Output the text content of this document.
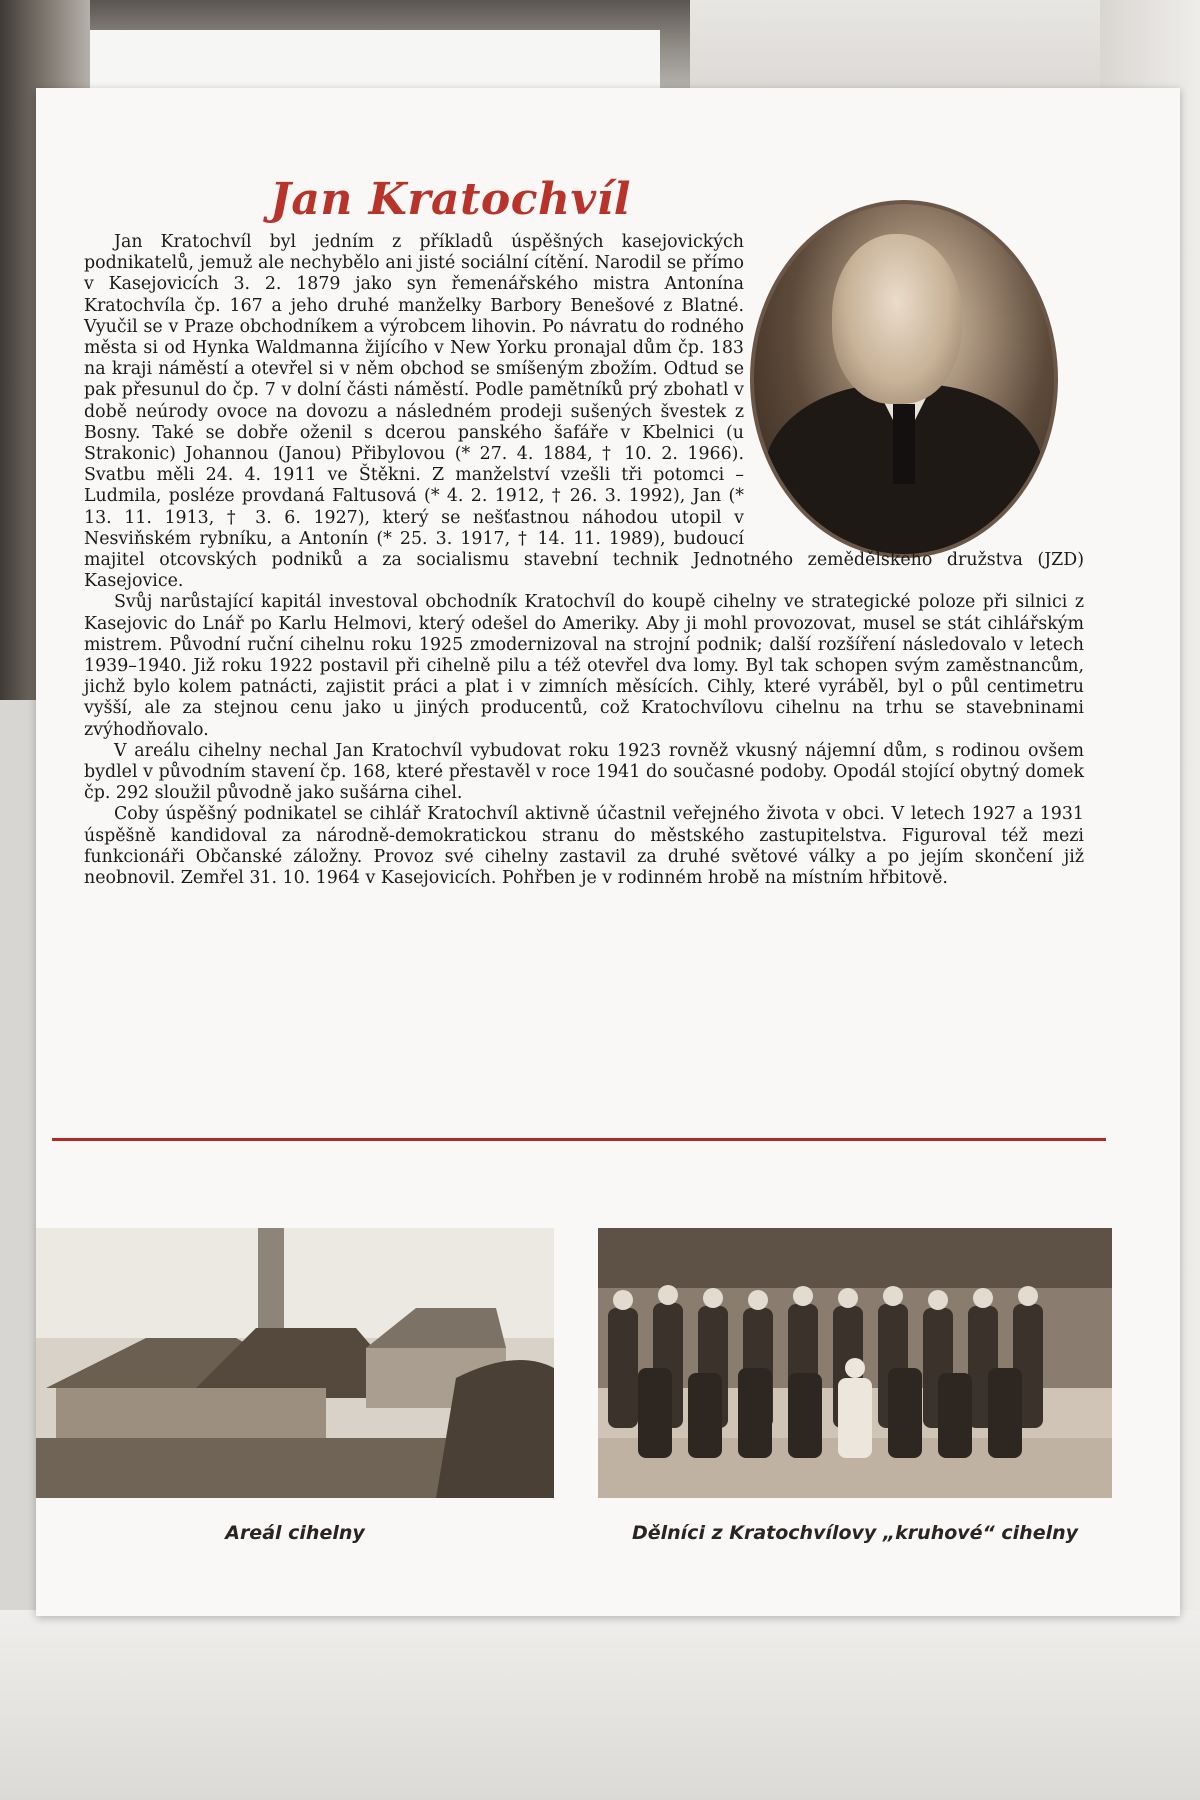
Jan Kratochvíl

Jan Kratochvíl byl jedním z příkladů úspěšných kasejovických podnikatelů, jemuž ale nechybělo ani jisté sociální cítění. Narodil se přímo v Kasejovicích 3. 2. 1879 jako syn řemenářského mistra Antonína Kratochvíla čp. 167 a jeho druhé manželky Barbory Benešové z Blatné. Vyučil se v Praze obchodníkem a výrobcem lihovin. Po návratu do rodného města si od Hynka Waldmanna žijícího v New Yorku pronajal dům čp. 183 na kraji náměstí a otevřel si v něm obchod se smíšeným zbožím. Odtud se pak přesunul do čp. 7 v dolní části náměstí. Podle pamětníků prý zbohatl v době neúrody ovoce na dovozu a následném prodeji sušených švestek z Bosny. Také se dobře oženil s dcerou panského šafáře v Kbelnici (u Strakonic) Johannou (Janou) Přibylovou (* 27. 4. 1884, † 10. 2. 1966). Svatbu měli 24. 4. 1911 ve Štěkni. Z manželství vzešli tři potomci – Ludmila, posléze provdaná Faltusová (* 4. 2. 1912, † 26. 3. 1992), Jan (* 13. 11. 1913, † 3. 6. 1927), který se nešťastnou náhodou utopil v Nesviňském rybníku, a Antonín (* 25. 3. 1917, † 14. 11. 1989), budoucí majitel otcovských podniků a za socialismu stavební technik Jednotného zemědělského družstva (JZD) Kasejovice.

Svůj narůstající kapitál investoval obchodník Kratochvíl do koupě cihelny ve strategické poloze při silnici z Kasejovic do Lnář po Karlu Helmovi, který odešel do Ameriky. Aby ji mohl provozovat, musel se stát cihlářským mistrem. Původní ruční cihelnu roku 1925 zmodernizoval na strojní podnik; další rozšíření následovalo v letech 1939–1940. Již roku 1922 postavil při cihelně pilu a též otevřel dva lomy. Byl tak schopen svým zaměstnancům, jichž bylo kolem patnácti, zajistit práci a plat i v zimních měsících. Cihly, které vyráběl, byl o půl centimetru vyšší, ale za stejnou cenu jako u jiných producentů, což Kratochvílovu cihelnu na trhu se stavebninami zvýhodňovalo.

V areálu cihelny nechal Jan Kratochvíl vybudovat roku 1923 rovněž vkusný nájemní dům, s rodinou ovšem bydlel v původním stavení čp. 168, které přestavěl v roce 1941 do současné podoby. Opodál stojící obytný domek čp. 292 sloužil původně jako sušárna cihel.

Coby úspěšný podnikatel se cihlář Kratochvíl aktivně účastnil veřejného života v obci. V letech 1927 a 1931 úspěšně kandidoval za národně-demokratickou stranu do městského zastupitelstva. Figuroval též mezi funkcionáři Občanské záložny. Provoz své cihelny zastavil za druhé světové války a po jejím skončení již neobnovil. Zemřel 31. 10. 1964 v Kasejovicích. Pohřben je v rodinném hrobě na místním hřbitově.

Areál cihelny	Dělníci z Kratochvílovy „kruhové“ cihelny
